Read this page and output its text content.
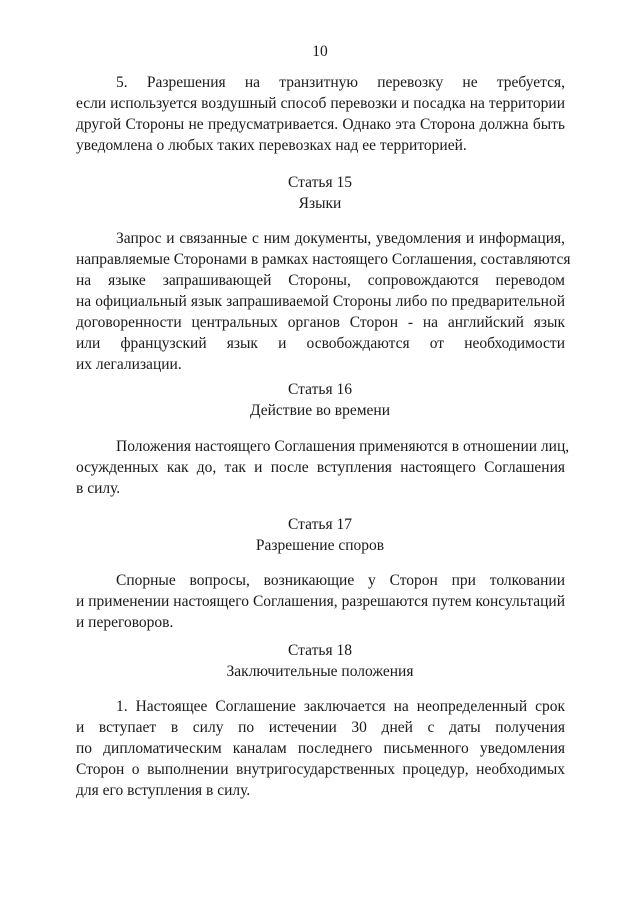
10
5. Разрешения на транзитную перевозку не требуется,
если используется воздушный способ перевозки и посадка на территории
другой Стороны не предусматривается. Однако эта Сторона должна быть
уведомлена о любых таких перевозках над ее территорией.
Статья 15
Языки
Запрос и связанные с ним документы, уведомления и информация,
направляемые Сторонами в рамках настоящего Соглашения, составляются
на языке запрашивающей Стороны, сопровождаются переводом
на официальный язык запрашиваемой Стороны либо по предварительной
договоренности центральных органов Сторон - на английский язык
или французский язык и освобождаются от необходимости
их легализации.
Статья 16
Действие во времени
Положения настоящего Соглашения применяются в отношении лиц,
осужденных как до, так и после вступления настоящего Соглашения
в силу.
Статья 17
Разрешение споров
Спорные вопросы, возникающие у Сторон при толковании
и применении настоящего Соглашения, разрешаются путем консультаций
и переговоров.
Статья 18
Заключительные положения
1. Настоящее Соглашение заключается на неопределенный срок
и вступает в силу по истечении 30 дней с даты получения
по дипломатическим каналам последнего письменного уведомления
Сторон о выполнении внутригосударственных процедур, необходимых
для его вступления в силу.
